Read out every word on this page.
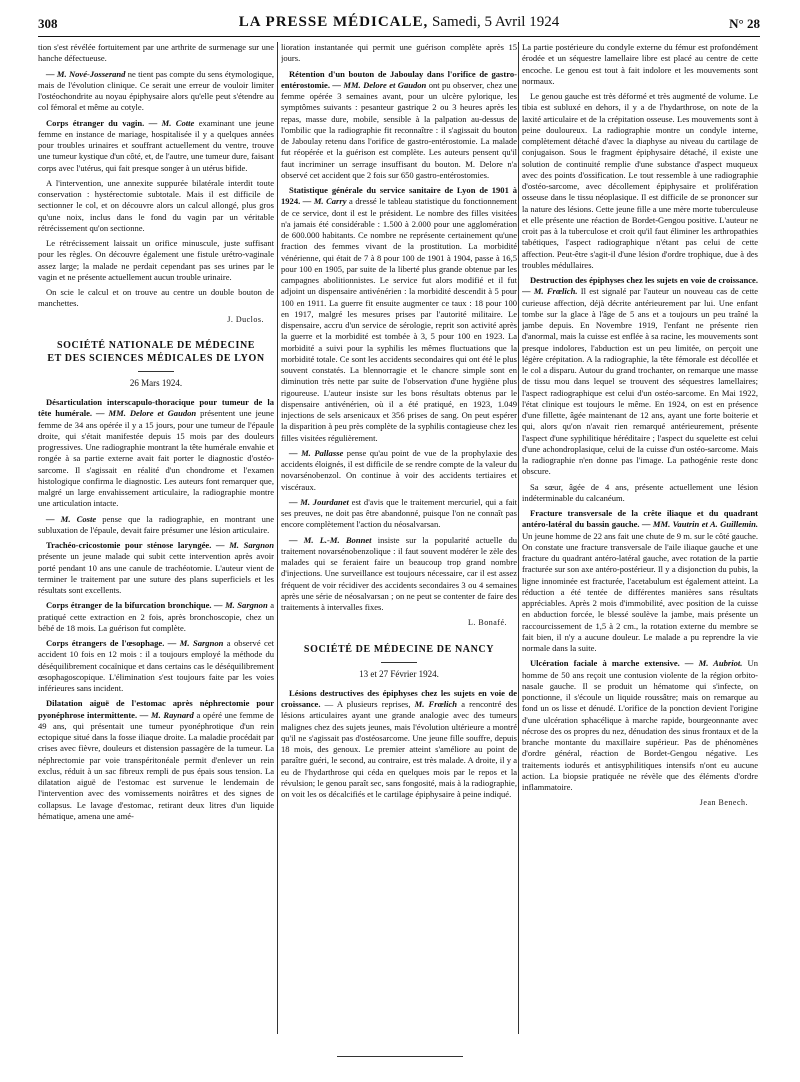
308	LA PRESSE MÉDICALE, Samedi, 5 Avril 1924	N° 28

tion s'est révélée fortuitement par une arthrite de surmenage sur une hanche défectueuse.

— M. Nové-Josserand ne tient pas compte du sens étymologique, mais de l'évolution clinique. Ce serait une erreur de vouloir limiter l'ostéochondrite au noyau épiphysaire alors qu'elle peut s'étendre au col fémoral et même au cotyle.

Corps étranger du vagin. — M. Cotte examinant une jeune femme en instance de mariage, hospitalisée il y a quelques années pour troubles urinaires et souffrant actuellement du ventre, trouve une tumeur kystique d'un côté, et, de l'autre, une tumeur dure, faisant corps avec l'utérus, qui fait presque songer à un utérus bifide.

A l'intervention, une annexite suppurée bilatérale interdit toute conservation : hystérectomie subtotale. Mais il est difficile de sectionner le col, et on découvre alors un calcul allongé, plus gros qu'une noix, inclus dans le fond du vagin par un véritable rétrécissement qu'on sectionne.

Le rétrécissement laissait un orifice minuscule, juste suffisant pour les règles. On découvre également une fistule urétro-vaginale assez large; la malade ne perdait cependant pas ses urines par le vagin et ne présente actuellement aucun trouble urinaire.

On scie le calcul et on trouve au centre un double bouton de manchettes.

J. Duclos.
SOCIÉTÉ NATIONALE DE MÉDECINE
ET DES SCIENCES MÉDICALES DE LYON
26 Mars 1924.

Désarticulation interscapulo-thoracique pour tumeur de la tête humérale. — MM. Delore et Gaudon présentent une jeune femme de 34 ans opérée il y a 15 jours, pour une tumeur de l'épaule droite, qui s'était manifestée depuis 15 mois par des douleurs progressives. Une radiographie montrant la tête humérale envahie et rongée à sa partie externe avait fait porter le diagnostic d'ostéo-sarcome. Il s'agissait en réalité d'un chondrome et l'examen histologique confirma le diagnostic. Les auteurs font remarquer que, malgré un large envahissement articulaire, la radiographie montre une articulation intacte.

— M. Coste pense que la radiographie, en montrant une subluxation de l'épaule, devait faire présumer une lésion articulaire.

Trachéo-cricostomie pour sténose laryngée. — M. Sargnon présente un jeune malade qui subit cette intervention après avoir porté pendant 10 ans une canule de trachéotomie. L'auteur vient de terminer le traitement par une suture des plans superficiels et les résultats sont excellents.

Corps étranger de la bifurcation bronchique. — M. Sargnon a pratiqué cette extraction en 2 fois, après bronchoscopie, chez un bébé de 18 mois. La guérison fut complète.

Corps étrangers de l'œsophage. — M. Sargnon a observé cet accident 10 fois en 12 mois : il a toujours employé la méthode du déséquilibrement cocaïnique et dans certains cas le déséquilibrement œsophagoscopique. L'élimination s'est toujours faite par les voies inférieures sans incident.

Dilatation aiguë de l'estomac après néphrectomie pour pyonéphrose intermittente. — M. Raynard a opéré une femme de 49 ans, qui présentait une tumeur pyonéphrotique d'un rein ectopique situé dans la fosse iliaque droite. La maladie procédait par crises avec fièvre, douleurs et distension passagère de la tumeur. La néphrectomie par voie transpéritonéale permit d'enlever un rein exclus, réduit à un sac fibreux rempli de pus épais sous tension. La dilatation aiguë de l'estomac est survenue le lendemain de l'intervention avec des vomissements noirâtres et des signes de collapsus. Le lavage d'estomac, retirant deux litres d'un liquide hématique, amena une amé-

lioration instantanée qui permit une guérison complète après 15 jours.

Rétention d'un bouton de Jaboulay dans l'orifice de gastro-entérostomie. — MM. Delore et Gaudon ont pu observer, chez une femme opérée 3 semaines avant, pour un ulcère pylorique, les symptômes suivants : pesanteur gastrique 2 ou 3 heures après les repas, masse dure, mobile, sensible à la palpation au-dessus de l'ombilic que la radiographie fit reconnaître : il s'agissait du bouton de Jaboulay retenu dans l'orifice de gastro-entérostomie. La malade fut réopérée et la guérison est complète. Les auteurs pensent qu'il faut incriminer un serrage insuffisant du bouton. M. Delore n'a observé cet accident que 2 fois sur 650 gastro-entérostomies.

Statistique générale du service sanitaire de Lyon de 1901 à 1924. — M. Carry a dressé le tableau statistique du fonctionnement de ce service, dont il est le président. Le nombre des filles visitées n'a jamais été considérable : 1.500 à 2.000 pour une agglomération de 600.000 habitants. Ce nombre ne représente certainement qu'une fraction des femmes vivant de la prostitution. La morbidité vénérienne, qui était de 7 à 8 pour 100 de 1901 à 1904, passe à 16,5 pour 100 en 1905, par suite de la liberté plus grande obtenue par les campagnes abolitionnistes. Le service fut alors modifié et il fut adjoint un dispensaire antivénérien : la morbidité descendit à 5 pour 100 en 1911. La guerre fit ensuite augmenter ce taux : 18 pour 100 en 1917, malgré les mesures prises par l'autorité militaire. Le dispensaire, accru d'un service de sérologie, reprit son activité après la guerre et la morbidité est tombée à 3, 5 pour 100 en 1923. La morbidité a suivi pour la syphilis les mêmes fluctuations que la morbidité totale. Ce sont les accidents secondaires qui ont été le plus souvent constatés. La blennorragie et le chancre simple sont en diminution très nette par suite de l'observation d'une hygiène plus rigoureuse. L'auteur insiste sur les bons résultats obtenus par le dispensaire antivénérien, où il a été pratiqué, en 1923, 1.049 injections de sels arsenicaux et 356 prises de sang. On peut espérer la disparition à peu près complète de la syphilis contagieuse chez les filles visitées régulièrement.

— M. Pallasse pense qu'au point de vue de la prophylaxie des accidents éloignés, il est difficile de se rendre compte de la valeur du novarsénobenzol. On continue à voir des accidents tertiaires et viscéraux.

— M. Jourdanet est d'avis que le traitement mercuriel, qui a fait ses preuves, ne doit pas être abandonné, puisque l'on ne connaît pas encore complètement l'action du néosalvarsan.

— M. L.-M. Bonnet insiste sur la popularité actuelle du traitement novarsénobenzolique : il faut souvent modérer le zèle des malades qui se feraient faire un beaucoup trop grand nombre d'injections. Une surveillance est toujours nécessaire, car il est assez fréquent de voir récidiver des accidents secondaires 3 ou 4 semaines après une série de néosalvarsan ; on ne peut se contenter de faire des traitements à intervalles fixes.

L. Bonafé.
SOCIÉTÉ DE MÉDECINE DE NANCY
13 et 27 Février 1924.

Lésions destructives des épiphyses chez les sujets en voie de croissance. — A plusieurs reprises, M. Frœlich a rencontré des lésions articulaires ayant une grande analogie avec des tumeurs malignes chez des sujets jeunes, mais l'évolution ultérieure a montré qu'il ne s'agissait pas d'ostéosarcome. Une jeune fille souffre, depuis 18 mois, des genoux. Le premier atteint s'améliore au point de paraître guéri, le second, au contraire, est très malade. A droite, il y a eu de l'hydarthrose qui céda en quelques mois par le repos et la révulsion; le genou paraît sec, sans fongosité, mais à la radiographie, on voit les os décalcifiés et le cartilage épiphysaire à peine indiqué.

La partie postérieure du condyle externe du fémur est profondément érodée et un séquestre lamellaire libre est placé au centre de cette encoche. Le genou est tout à fait indolore et les mouvements sont normaux.

Le genou gauche est très déformé et très augmenté de volume. Le tibia est subluxé en dehors, il y a de l'hydarthrose, on note de la laxité articulaire et de la crépitation osseuse. Les mouvements sont à peine douloureux. La radiographie montre un condyle interne, complètement détaché d'avec la diaphyse au niveau du cartilage de conjugaison. Sous le fragment épiphysaire détaché, il existe une solution de continuité remplie d'une substance d'aspect muqueux avec des points d'ossification. Le tout ressemble à une radiographie d'ostéo-sarcome, avec décollement épiphysaire et prolifération osseuse dans le tissu néoplasique. Il est difficile de se prononcer sur la nature des lésions. Cette jeune fille a une mère morte tuberculeuse et elle présente une réaction de Bordet-Gengou positive. L'auteur ne croit pas à la tuberculose et croit qu'il faut éliminer les arthropathies tabétiques, l'aspect radiographique n'étant pas celui de cette affection. Peut-être s'agit-il d'une lésion d'ordre trophique, due à des troubles médullaires.

Destruction des épiphyses chez les sujets en voie de croissance. — M. Frœlich. Il est signalé par l'auteur un nouveau cas de cette curieuse affection, déjà décrite antérieurement par lui. Une enfant tombe sur la glace à l'âge de 5 ans et a toujours un peu traîné la jambe depuis. En Novembre 1919, l'enfant ne présente rien d'anormal, mais la cuisse est enflée à sa racine, les mouvements sont presque indolores, l'abduction est un peu limitée, on perçoit une légère crépitation. A la radiographie, la tête fémorale est décollée et le col a disparu. Autour du grand trochanter, on remarque une masse de tissu mou dans lequel se trouvent des séquestres lamellaires; l'aspect radiographique est celui d'un ostéo-sarcome. En Mai 1922, l'état clinique est toujours le même. En 1924, on est en présence d'une fillette, âgée maintenant de 12 ans, ayant une forte boiterie et qui, alors qu'on n'avait rien remarqué antérieurement, présente l'aspect d'une syphilitique héréditaire ; l'aspect du squelette est celui d'une achondroplasique, celui de la cuisse d'un ostéo-sarcome. Mais la radiographie n'en donne pas l'image. La pathogénie reste donc obscure.

Sa sœur, âgée de 4 ans, présente actuellement une lésion indéterminable du calcanéum.

Fracture transversale de la crête iliaque et du quadrant antéro-latéral du bassin gauche. — MM. Vautrin et A. Guillemin. Un jeune homme de 22 ans fait une chute de 9 m. sur le côté gauche. On constate une fracture transversale de l'aile iliaque gauche et une fracture du quadrant antéro-latéral gauche, avec rotation de la partie fracturée sur son axe antéro-postérieur. Il y a disjonction du pubis, la ligne innominée est fracturée, l'acetabulum est également atteint. La réduction a été tentée de différentes manières sans résultats appréciables. Après 2 mois d'immobilité, avec position de la cuisse en abduction forcée, le blessé soulève la jambe, mais présente un raccourcissement de 1,5 à 2 cm., la rotation externe du membre se fait bien, il n'y a aucune douleur. Le malade a pu reprendre la vie normale dans la suite.

Ulcération faciale à marche extensive. — M. Aubriot. Un homme de 50 ans reçoit une contusion violente de la région orbito-nasale gauche. Il se produit un hématome qui s'infecte, on ponctionne, il s'écoule un liquide roussâtre; mais on remarque au fond un os lisse et dénudé. L'orifice de la ponction devient l'origine d'une ulcération sphacélique à marche rapide, bourgeonnante avec nécrose des os propres du nez, dénudation des sinus frontaux et de la branche montante du maxillaire supérieur. Pas de phénomènes d'ordre général, réaction de Bordet-Gengou négative. Les traitements iodurés et antisyphilitiques intensifs n'ont eu aucune action. La biopsie pratiquée ne révèle que des éléments d'ordre inflammatoire.

Jean Benech.
